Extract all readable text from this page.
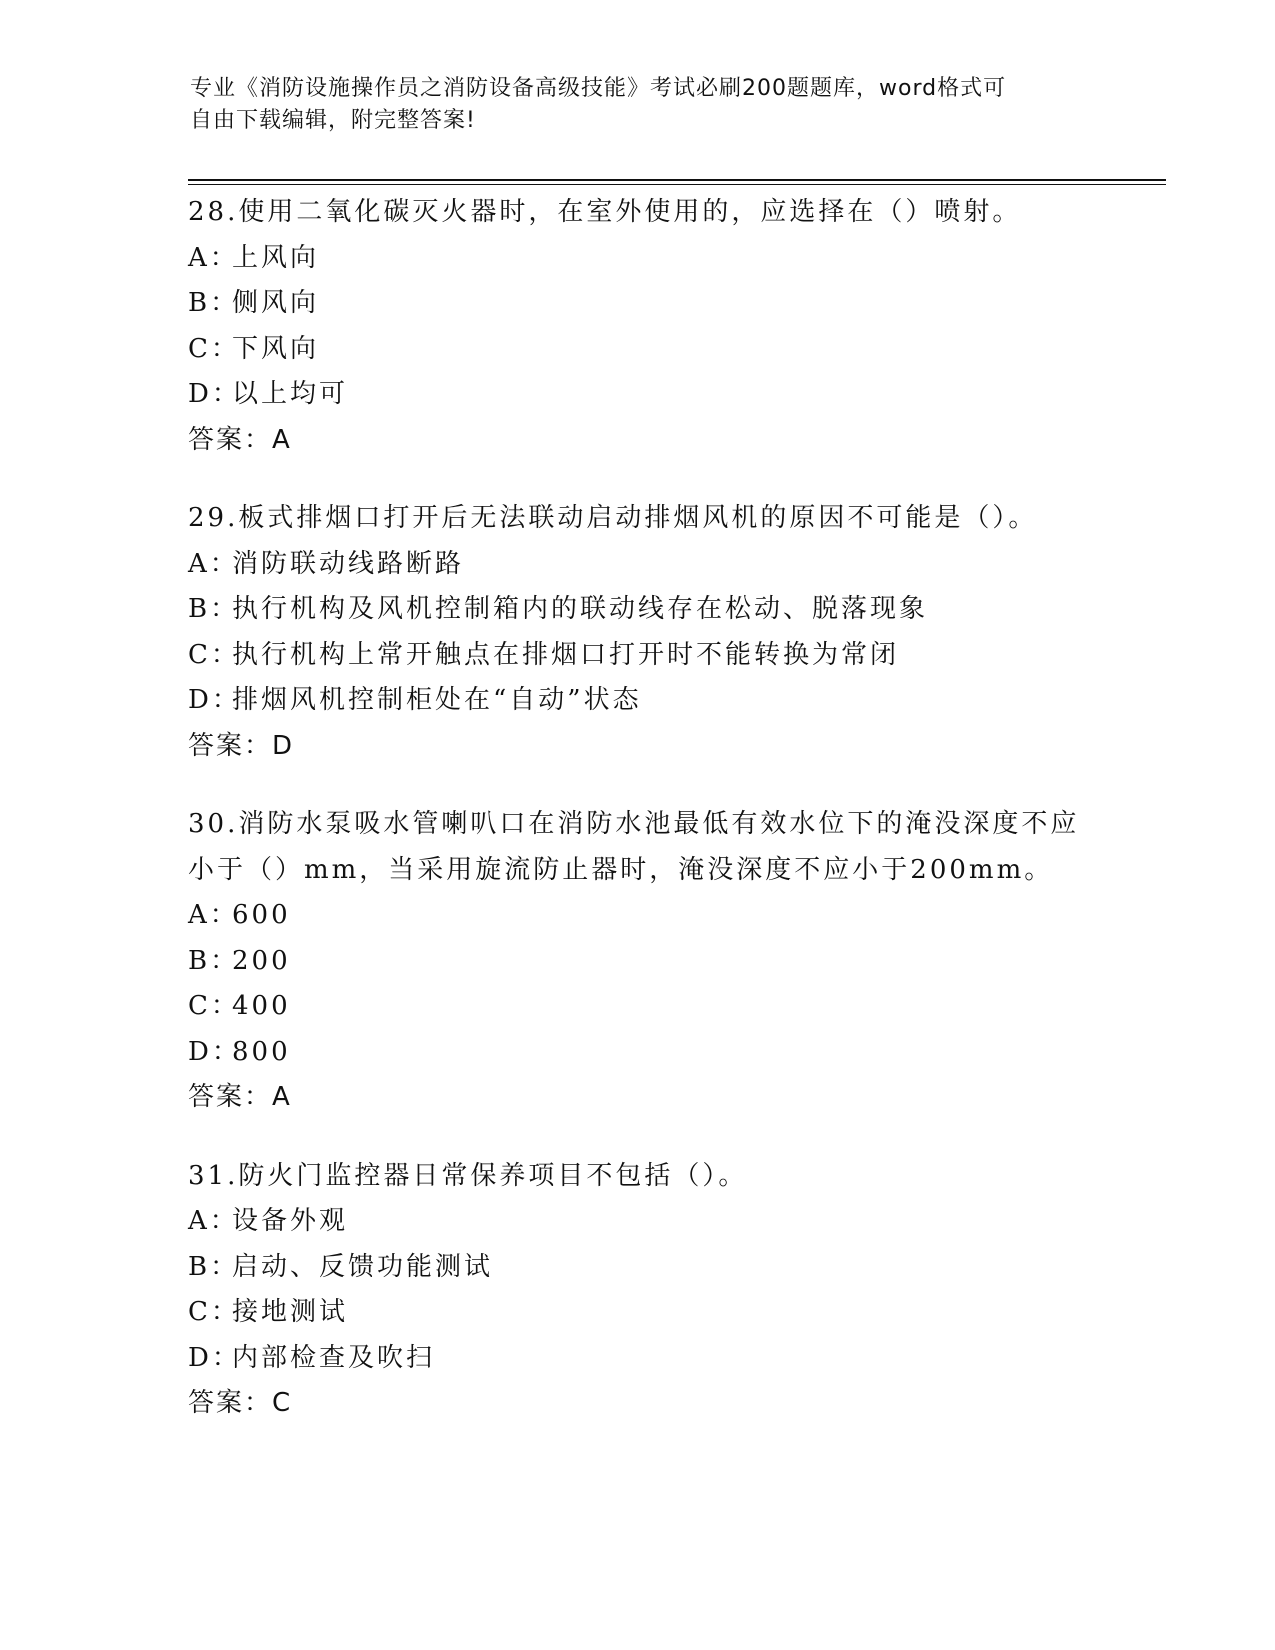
专业《消防设施操作员之消防设备高级技能》考试必刷200题题库，word格式可
自由下载编辑，附完整答案!
28.使用二氧化碳灭火器时，在室外使用的，应选择在（）喷射。
A：上风向
B：侧风向
C：下风向
D：以上均可
答案：A
29.板式排烟口打开后无法联动启动排烟风机的原因不可能是（）。
A：消防联动线路断路
B：执行机构及风机控制箱内的联动线存在松动、脱落现象
C：执行机构上常开触点在排烟口打开时不能转换为常闭
D：排烟风机控制柜处在“自动”状态
答案：D
30.消防水泵吸水管喇叭口在消防水池最低有效水位下的淹没深度不应
小于（）mm，当采用旋流防止器时，淹没深度不应小于200mm。
A：600
B：200
C：400
D：800
答案：A
31.防火门监控器日常保养项目不包括（）。
A：设备外观
B：启动、反馈功能测试
C：接地测试
D：内部检查及吹扫
答案：C
